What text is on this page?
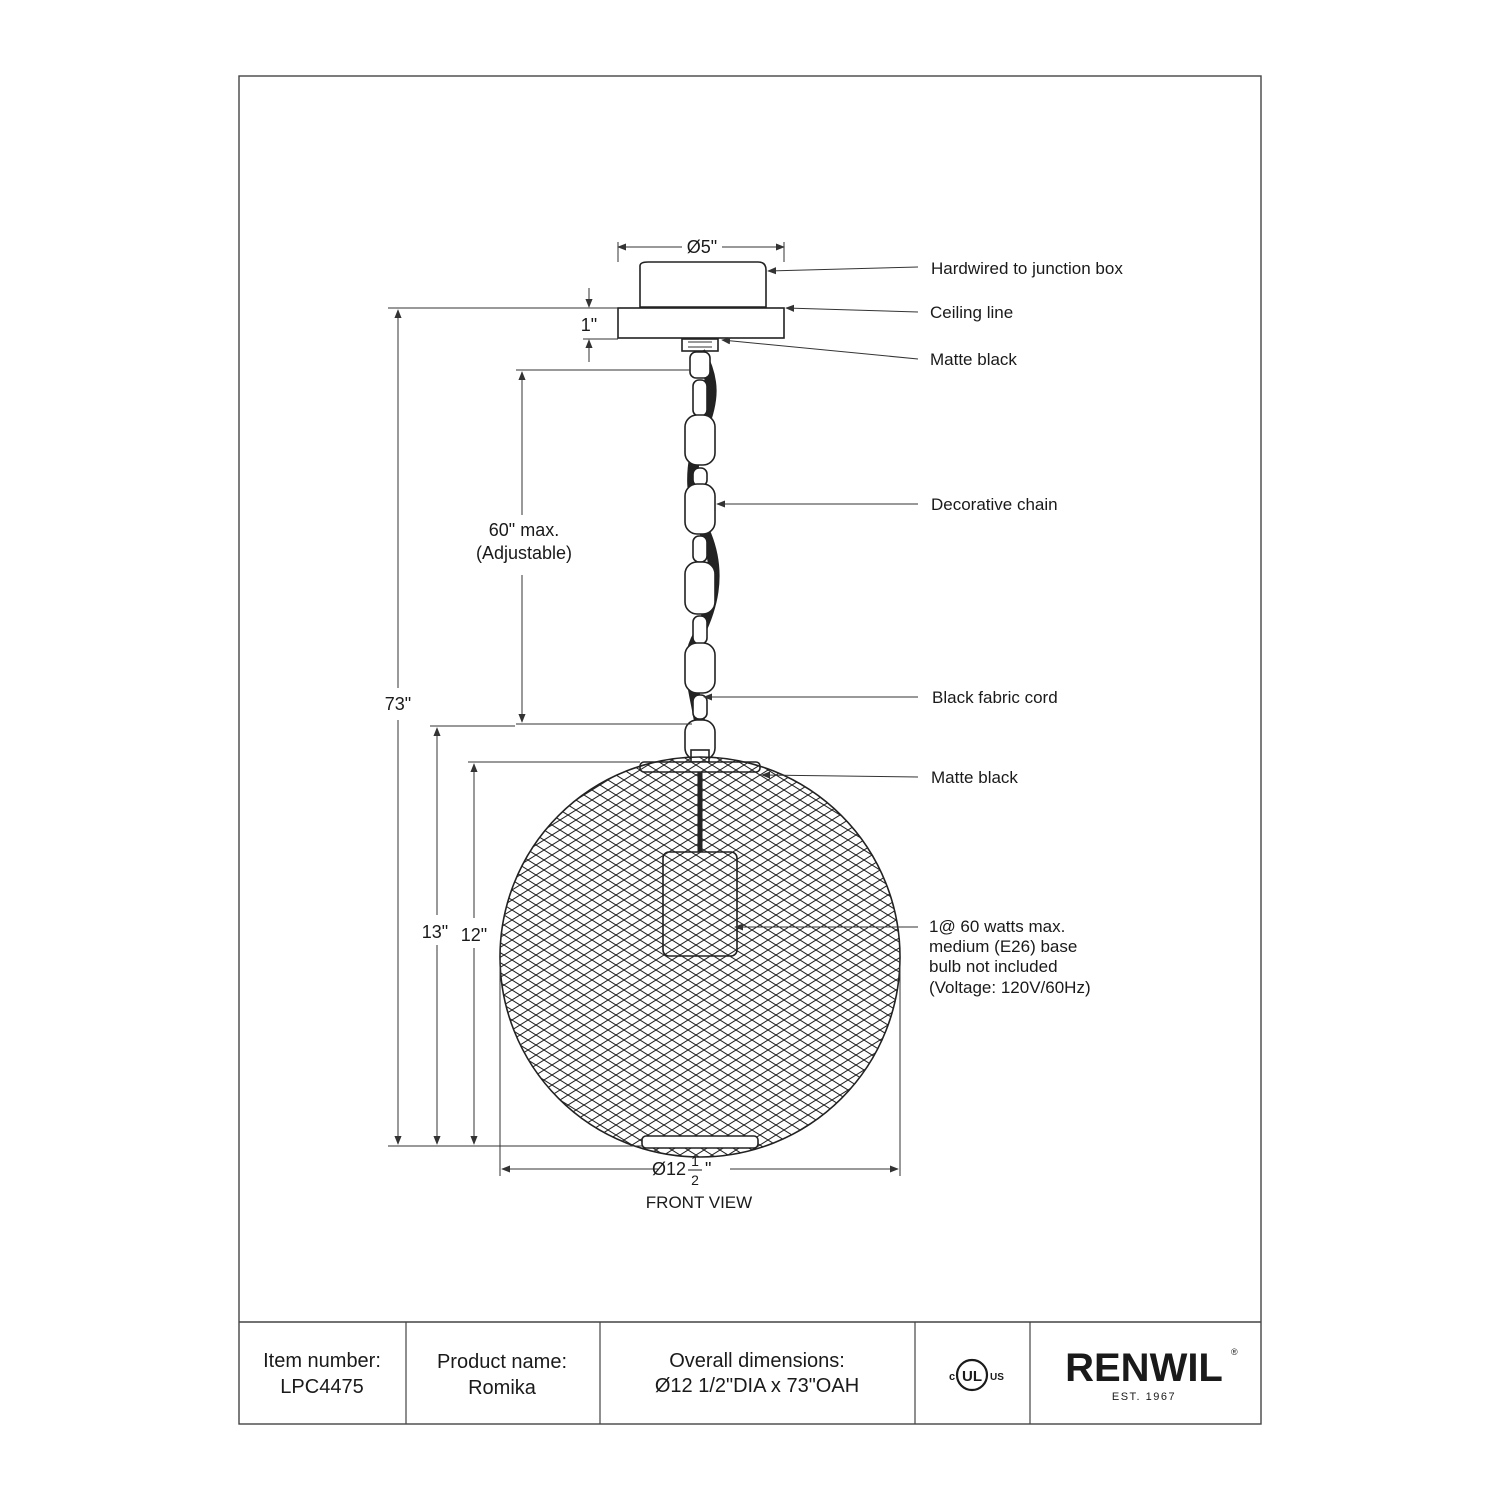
Ø5"
1"
60" max.
(Adjustable)
73"
13" 12"
Ø12 1
2
"
FRONT VIEW
Hardwired to junction box
Ceiling line
Matte black
Decorative chain
Black fabric cord
Matte black
1@ 60 watts max.
medium (E26) base
bulb not included
(Voltage: 120V/60Hz)
Item number:
LPC4475
Product name:
Romika
Overall dimensions:
Ø12 1/2"DIA x 73"OAH	c UL US RENWIL ®
EST. 1967
